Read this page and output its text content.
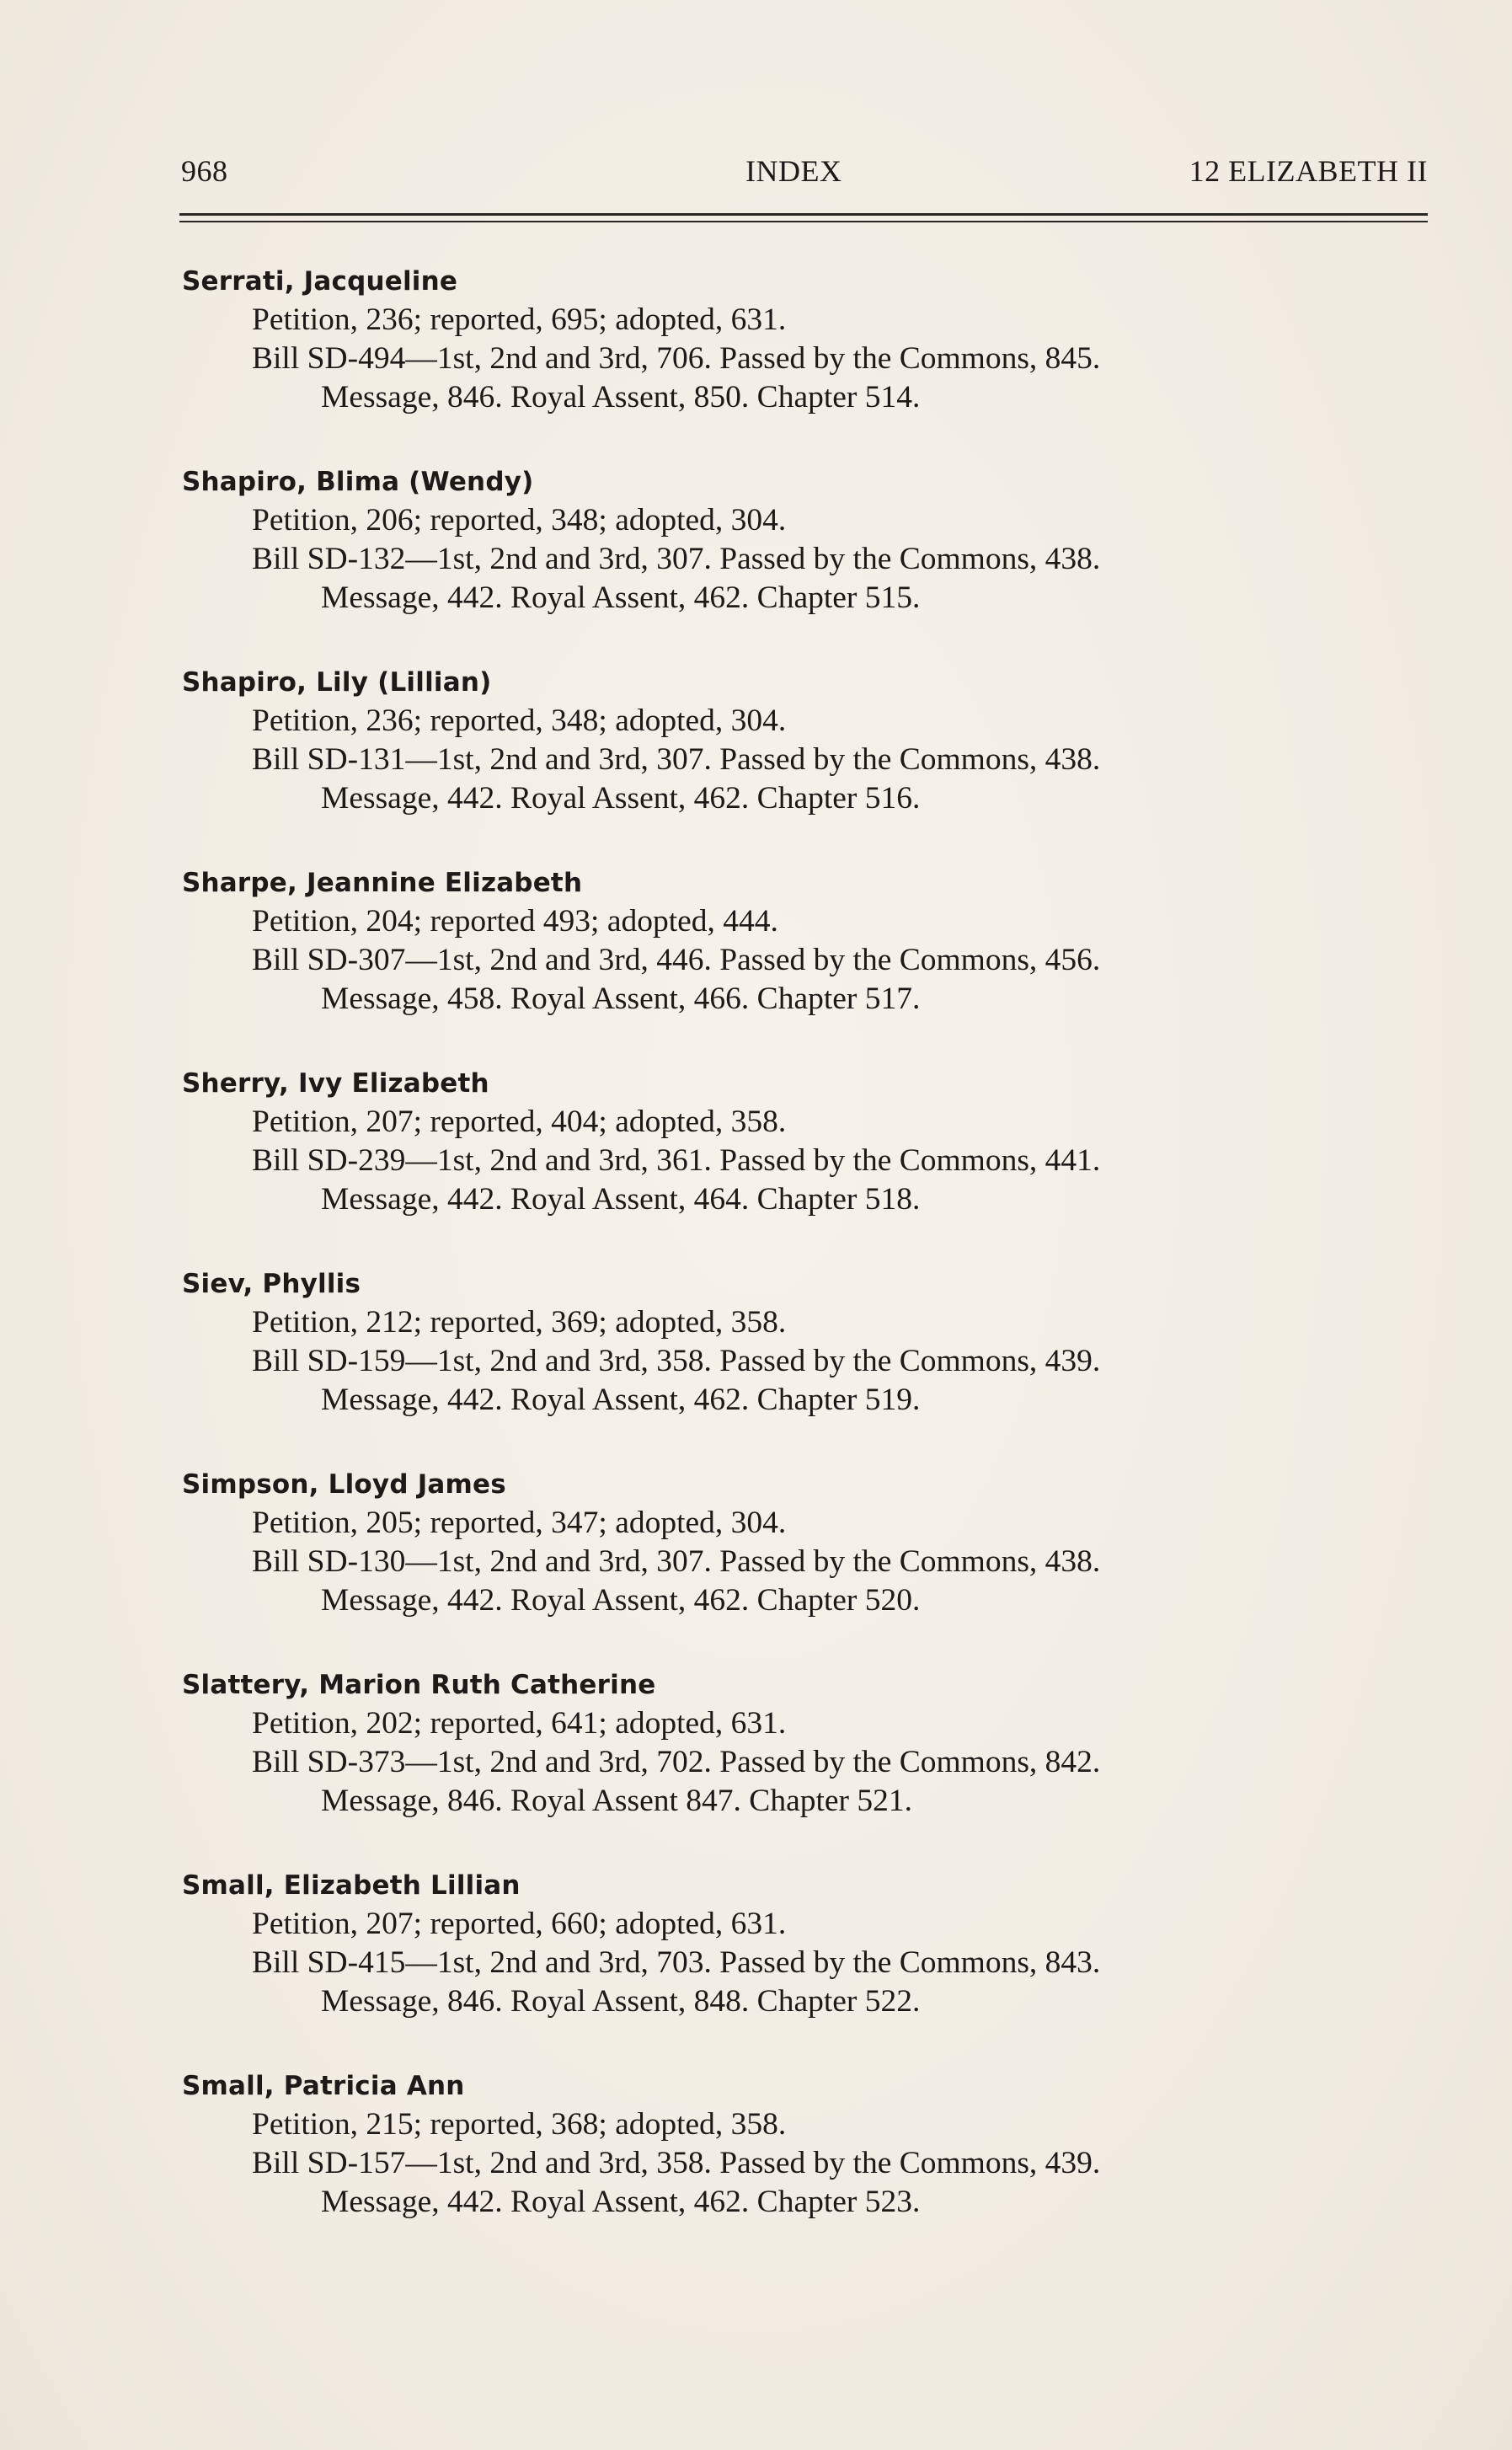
968	INDEX	12 ELIZABETH II
Serrati, Jacqueline
Petition, 236; reported, 695; adopted, 631.
Bill SD-494—1st, 2nd and 3rd, 706. Passed by the Commons, 845.
Message, 846. Royal Assent, 850. Chapter 514.
Shapiro, Blima (Wendy)
Petition, 206; reported, 348; adopted, 304.
Bill SD-132—1st, 2nd and 3rd, 307. Passed by the Commons, 438.
Message, 442. Royal Assent, 462. Chapter 515.
Shapiro, Lily (Lillian)
Petition, 236; reported, 348; adopted, 304.
Bill SD-131—1st, 2nd and 3rd, 307. Passed by the Commons, 438.
Message, 442. Royal Assent, 462. Chapter 516.
Sharpe, Jeannine Elizabeth
Petition, 204; reported 493; adopted, 444.
Bill SD-307—1st, 2nd and 3rd, 446. Passed by the Commons, 456.
Message, 458. Royal Assent, 466. Chapter 517.
Sherry, Ivy Elizabeth
Petition, 207; reported, 404; adopted, 358.
Bill SD-239—1st, 2nd and 3rd, 361. Passed by the Commons, 441.
Message, 442. Royal Assent, 464. Chapter 518.
Siev, Phyllis
Petition, 212; reported, 369; adopted, 358.
Bill SD-159—1st, 2nd and 3rd, 358. Passed by the Commons, 439.
Message, 442. Royal Assent, 462. Chapter 519.
Simpson, Lloyd James
Petition, 205; reported, 347; adopted, 304.
Bill SD-130—1st, 2nd and 3rd, 307. Passed by the Commons, 438.
Message, 442. Royal Assent, 462. Chapter 520.
Slattery, Marion Ruth Catherine
Petition, 202; reported, 641; adopted, 631.
Bill SD-373—1st, 2nd and 3rd, 702. Passed by the Commons, 842.
Message, 846. Royal Assent 847. Chapter 521.
Small, Elizabeth Lillian
Petition, 207; reported, 660; adopted, 631.
Bill SD-415—1st, 2nd and 3rd, 703. Passed by the Commons, 843.
Message, 846. Royal Assent, 848. Chapter 522.
Small, Patricia Ann
Petition, 215; reported, 368; adopted, 358.
Bill SD-157—1st, 2nd and 3rd, 358. Passed by the Commons, 439.
Message, 442. Royal Assent, 462. Chapter 523.
